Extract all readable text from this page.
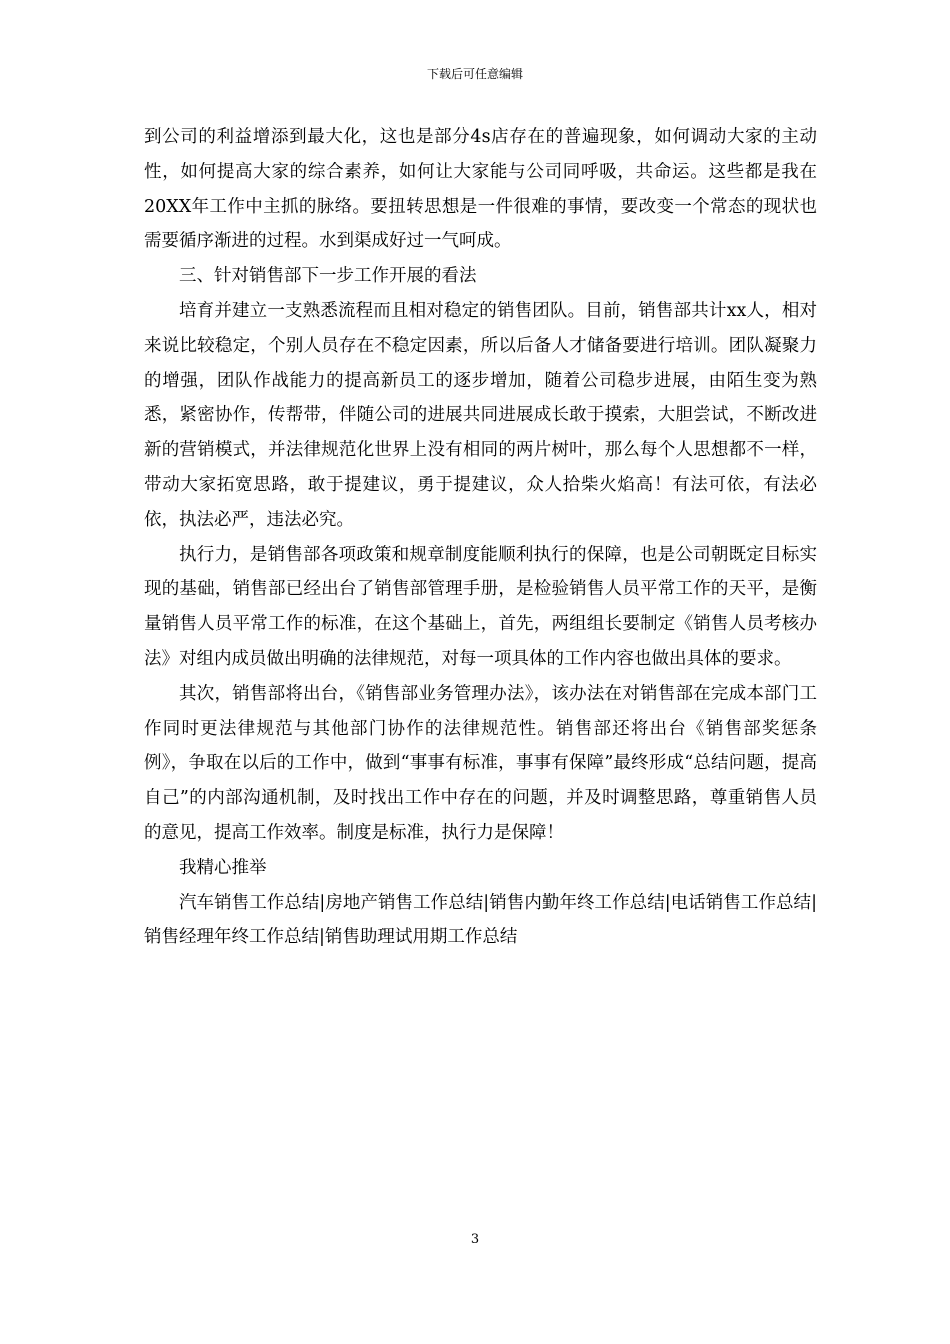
下载后可任意编辑

到公司的利益增添到最大化，这也是部分4s店存在的普遍现象，如何调动大家的主动性，如何提高大家的综合素养，如何让大家能与公司同呼吸，共命运。这些都是我在20XX年工作中主抓的脉络。要扭转思想是一件很难的事情，要改变一个常态的现状也需要循序渐进的过程。水到渠成好过一气呵成。

三、针对销售部下一步工作开展的看法

培育并建立一支熟悉流程而且相对稳定的销售团队。目前，销售部共计xx人，相对来说比较稳定，个别人员存在不稳定因素，所以后备人才储备要进行培训。团队凝聚力的增强，团队作战能力的提高新员工的逐步增加，随着公司稳步进展，由陌生变为熟悉，紧密协作，传帮带，伴随公司的进展共同进展成长敢于摸索，大胆尝试，不断改进新的营销模式，并法律规范化世界上没有相同的两片树叶，那么每个人思想都不一样，带动大家拓宽思路，敢于提建议，勇于提建议，众人拾柴火焰高！有法可依，有法必依，执法必严，违法必究。

执行力，是销售部各项政策和规章制度能顺利执行的保障，也是公司朝既定目标实现的基础，销售部已经出台了销售部管理手册，是检验销售人员平常工作的天平，是衡量销售人员平常工作的标准，在这个基础上，首先，两组组长要制定《销售人员考核办法》对组内成员做出明确的法律规范，对每一项具体的工作内容也做出具体的要求。

其次，销售部将出台，《销售部业务管理办法》，该办法在对销售部在完成本部门工作同时更法律规范与其他部门协作的法律规范性。销售部还将出台《销售部奖惩条例》，争取在以后的工作中，做到“事事有标准，事事有保障”最终形成“总结问题，提高自己”的内部沟通机制，及时找出工作中存在的问题，并及时调整思路，尊重销售人员的意见，提高工作效率。制度是标准，执行力是保障！

我精心推举

汽车销售工作总结|房地产销售工作总结|销售内勤年终工作总结|电话销售工作总结|销售经理年终工作总结|销售助理试用期工作总结

3
